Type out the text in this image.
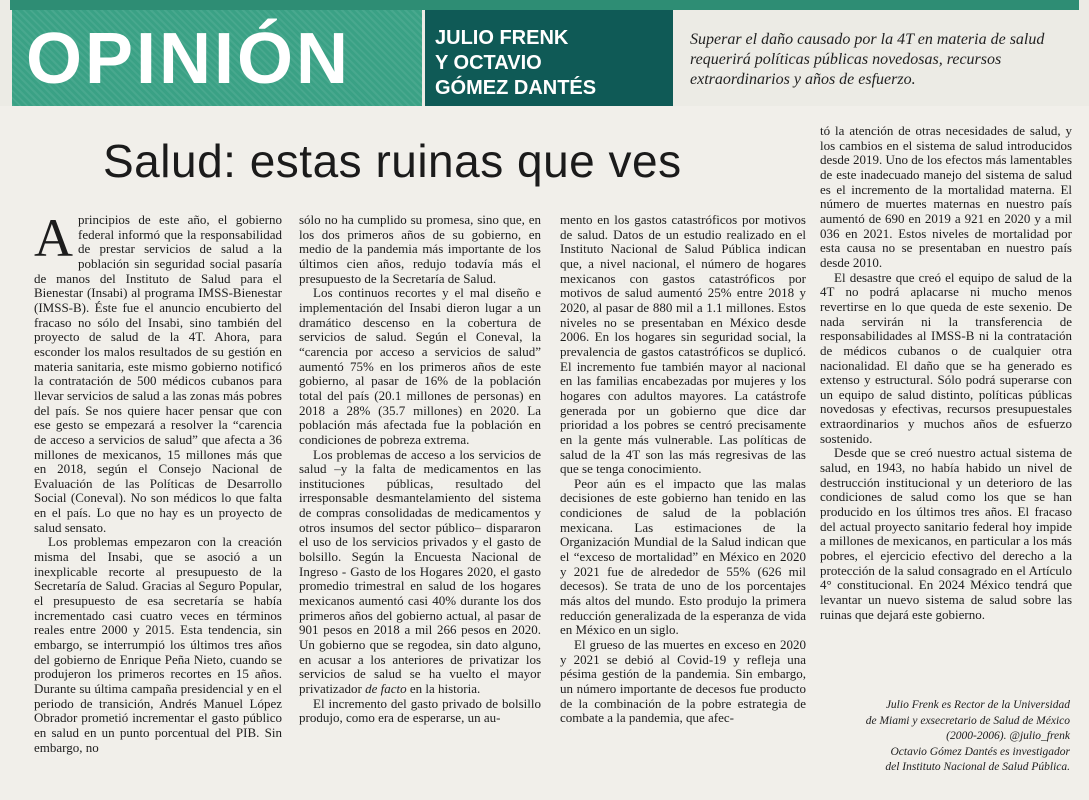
OPINIÓN	JULIO FRENK
Y OCTAVIO
GÓMEZ DANTÉS
Superar el daño causado por la 4T en materia de salud requerirá políticas públicas novedosas, recursos extraordinarios y años de esfuerzo.
Salud: estas ruinas que ves

Aprincipios de este año, el gobierno federal informó que la responsabilidad de prestar servicios de salud a la población sin seguridad social pasaría de manos del Instituto de Salud para el Bienestar (Insabi) al programa IMSS-Bienestar (IMSS-B). Éste fue el anuncio encubierto del fracaso no sólo del Insabi, sino también del proyecto de salud de la 4T. Ahora, para esconder los malos resultados de su gestión en materia sanitaria, este mismo gobierno notificó la contratación de 500 médicos cubanos para llevar servicios de salud a las zonas más pobres del país. Se nos quiere hacer pensar que con ese gesto se empezará a resolver la “carencia de acceso a servicios de salud” que afecta a 36 millones de mexicanos, 15 millones más que en 2018, según el Consejo Nacional de Evaluación de las Políticas de Desarrollo Social (Coneval). No son médicos lo que falta en el país. Lo que no hay es un proyecto de salud sensato.

Los problemas empezaron con la creación misma del Insabi, que se asoció a un inexplicable recorte al presupuesto de la Secretaría de Salud. Gracias al Seguro Popular, el presupuesto de esa secretaría se había incrementado casi cuatro veces en términos reales entre 2000 y 2015. Esta tendencia, sin embargo, se interrumpió los últimos tres años del gobierno de Enrique Peña Nieto, cuando se produjeron los primeros recortes en 15 años. Durante su última campaña presidencial y en el periodo de transición, Andrés Manuel López Obrador prometió incrementar el gasto público en salud en un punto porcentual del PIB. Sin embargo, no

sólo no ha cumplido su promesa, sino que, en los dos primeros años de su gobierno, en medio de la pandemia más importante de los últimos cien años, redujo todavía más el presupuesto de la Secretaría de Salud.

Los continuos recortes y el mal diseño e implementación del Insabi dieron lugar a un dramático descenso en la cobertura de servicios de salud. Según el Coneval, la “carencia por acceso a servicios de salud” aumentó 75% en los primeros años de este gobierno, al pasar de 16% de la población total del país (20.1 millones de personas) en 2018 a 28% (35.7 millones) en 2020. La población más afectada fue la población en condiciones de pobreza extrema.

Los problemas de acceso a los servicios de salud –y la falta de medicamentos en las instituciones públicas, resultado del irresponsable desmantelamiento del sistema de compras consolidadas de medicamentos y otros insumos del sector público– dispararon el uso de los servicios privados y el gasto de bolsillo. Según la Encuesta Nacional de Ingreso - Gasto de los Hogares 2020, el gasto promedio trimestral en salud de los hogares mexicanos aumentó casi 40% durante los dos primeros años del gobierno actual, al pasar de 901 pesos en 2018 a mil 266 pesos en 2020. Un gobierno que se regodea, sin dato alguno, en acusar a los anteriores de privatizar los servicios de salud se ha vuelto el mayor privatizador de facto en la historia.

El incremento del gasto privado de bolsillo produjo, como era de esperarse, un au-

mento en los gastos catastróficos por motivos de salud. Datos de un estudio realizado en el Instituto Nacional de Salud Pública indican que, a nivel nacional, el número de hogares mexicanos con gastos catastróficos por motivos de salud aumentó 25% entre 2018 y 2020, al pasar de 880 mil a 1.1 millones. Estos niveles no se presentaban en México desde 2006. En los hogares sin seguridad social, la prevalencia de gastos catastróficos se duplicó. El incremento fue también mayor al nacional en las familias encabezadas por mujeres y los hogares con adultos mayores. La catástrofe generada por un gobierno que dice dar prioridad a los pobres se centró precisamente en la gente más vulnerable. Las políticas de salud de la 4T son las más regresivas de las que se tenga conocimiento.

Peor aún es el impacto que las malas decisiones de este gobierno han tenido en las condiciones de salud de la población mexicana. Las estimaciones de la Organización Mundial de la Salud indican que el “exceso de mortalidad” en México en 2020 y 2021 fue de alrededor de 55% (626 mil decesos). Se trata de uno de los porcentajes más altos del mundo. Esto produjo la primera reducción generalizada de la esperanza de vida en México en un siglo.

El grueso de las muertes en exceso en 2020 y 2021 se debió al Covid-19 y refleja una pésima gestión de la pandemia. Sin embargo, un número importante de decesos fue producto de la combinación de la pobre estrategia de combate a la pandemia, que afec-

tó la atención de otras necesidades de salud, y los cambios en el sistema de salud introducidos desde 2019. Uno de los efectos más lamentables de este inadecuado manejo del sistema de salud es el incremento de la mortalidad materna. El número de muertes maternas en nuestro país aumentó de 690 en 2019 a 921 en 2020 y a mil 036 en 2021. Estos niveles de mortalidad por esta causa no se presentaban en nuestro país desde 2010.

El desastre que creó el equipo de salud de la 4T no podrá aplacarse ni mucho menos revertirse en lo que queda de este sexenio. De nada servirán ni la transferencia de responsabilidades al IMSS-B ni la contratación de médicos cubanos o de cualquier otra nacionalidad. El daño que se ha generado es extenso y estructural. Sólo podrá superarse con un equipo de salud distinto, políticas públicas novedosas y efectivas, recursos presupuestales extraordinarios y muchos años de esfuerzo sostenido.

Desde que se creó nuestro actual sistema de salud, en 1943, no había habido un nivel de destrucción institucional y un deterioro de las condiciones de salud como los que se han producido en los últimos tres años. El fracaso del actual proyecto sanitario federal hoy impide a millones de mexicanos, en particular a los más pobres, el ejercicio efectivo del derecho a la protección de la salud consagrado en el Artículo 4° constitucional. En 2024 México tendrá que levantar un nuevo sistema de salud sobre las ruinas que dejará este gobierno.

Julio Frenk es Rector de la Universidad
de Miami y exsecretario de Salud de México
(2000-2006). @julio_frenk
Octavio Gómez Dantés es investigador
del Instituto Nacional de Salud Pública.
